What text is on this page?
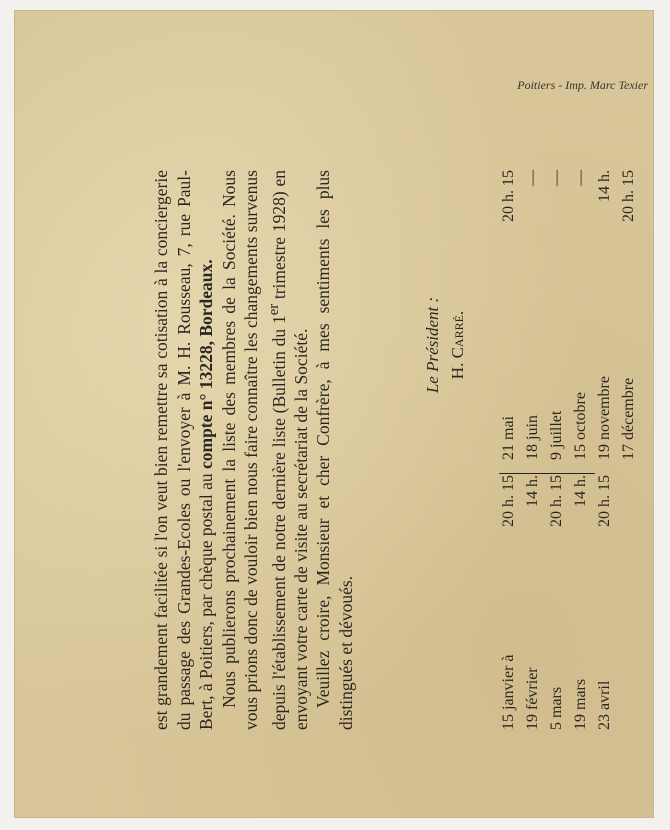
Poitiers - Imp. Marc Texier

est grandement facilitée si l'on veut bien remettre sa cotisation à la conciergerie du passage des Grandes-Ecoles ou l'envoyer à M. H. Rousseau, 7, rue Paul-Bert, à Poitiers, par chèque postal au compte n° 13228, Bordeaux. Nous publierons prochainement la liste des membres de la Société. Nous vous prions donc de vouloir bien nous faire connaître les changements survenus depuis l'établissement de notre dernière liste (Bulletin du 1er trimestre 1928) en envoyant votre carte de visite au secrétariat de la Société. Veuillez croire, Monsieur et cher Confrère, à mes sentiments les plus distingués et dévoués.

Le Président : H. Carré.
15 janvier à
20 h. 15
19 février
14 h.
5 mars
20 h. 15
19 mars
14 h.
23 avril
20 h. 15
21 mai
20 h. 15
18 juin
—
9 juillet
—
15 octobre
—
19 novembre
14 h.
17 décembre
20 h. 15
